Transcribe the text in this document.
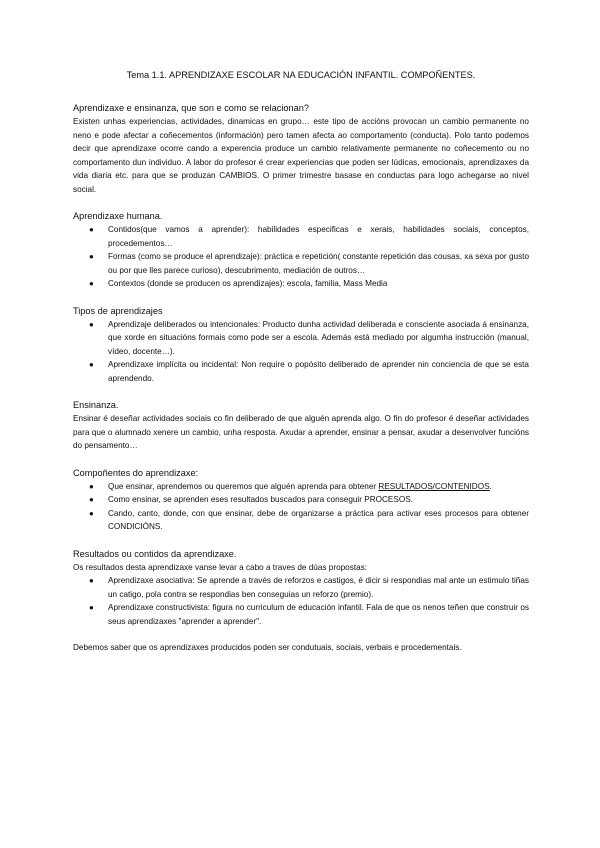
Tema 1.1. APRENDIZAXE ESCOLAR NA EDUCACIÓN INFANTIL. COMPOÑENTES.

Aprendizaxe e ensinanza, que son e como se relacionan?

Existen unhas experiencias, actividades, dinamicas en grupo… este tipo de accións provocan un cambio permanente no neno e pode afectar a coñecementos (información) pero tamen afecta ao comportamento (conducta). Polo tanto podemos decir que aprendizaxe ocorre cando a experencia produce un cambio relativamente permanente no coñecemento ou no comportamento dun individuo. A labor do profesor é crear experiencias que poden ser lúdicas, emocionais, aprendizaxes da vida diaria etc. para que se produzan CAMBIOS. O primer trimestre basase en conductas para logo achegarse ao nivel social.

Aprendizaxe humana.

● Contidos(que vamos a aprender): habilidades especificas e xerais, habilidades sociais, conceptos, procedementos…
● Formas (como se produce el aprendizaje): práctica e repetición( constante repetición das cousas, xa sexa por gusto ou por que lles parece curioso), descubrimento, mediación de outros…
● Contextos (donde se producen os aprendizajes): escola, familia, Mass Media

Tipos de aprendizajes

● Aprendizaje deliberados ou intencionales: Producto dunha actividad deliberada e consciente asociada á ensinanza, que xorde en situacións formais como pode ser a escola. Además está mediado por algumha instrucción (manual, vídeo, docente…).
● Aprendizaxe implícita ou incidental: Non require o popósito deliberado de aprender nin conciencia de que se esta aprendendo.

Ensinanza.

Ensinar é deseñar actividades sociais co fin deliberado de que alguén aprenda algo. O fin do profesor é deseñar actividades para que o alumnado xenere un cambio, unha resposta. Axudar a aprender, ensinar a pensar, axudar a desenvolver funcións do pensamento…

Compoñentes do aprendizaxe:

● Que ensinar, aprendemos ou queremos que alguén aprenda para obtener RESULTADOS/CONTENIDOS.
● Como ensinar, se aprenden eses resultados buscados para conseguir PROCESOS.
● Cando, canto, donde, con que ensinar, debe de organizarse a práctica para activar eses procesos para obtener CONDICIÓNS.

Resultados ou contidos da aprendizaxe.

Os resultados desta aprendizaxe vanse levar a cabo a traves de dúas propostas:

● Aprendizaxe asociativa: Se aprende a través de reforzos e castigos, é dicir si respondias mal ante un estimulo tiñas un catigo, pola contra se respondias ben conseguias un reforzo (premio).
● Aprendizaxe constructivista: figura no curriculum de educación infantil. Fala de que os nenos teñen que construir os seus aprendizaxes "aprender a aprender".

Debemos saber que os aprendizaxes producidos poden ser condutuais, sociais, verbais e procedementais.
